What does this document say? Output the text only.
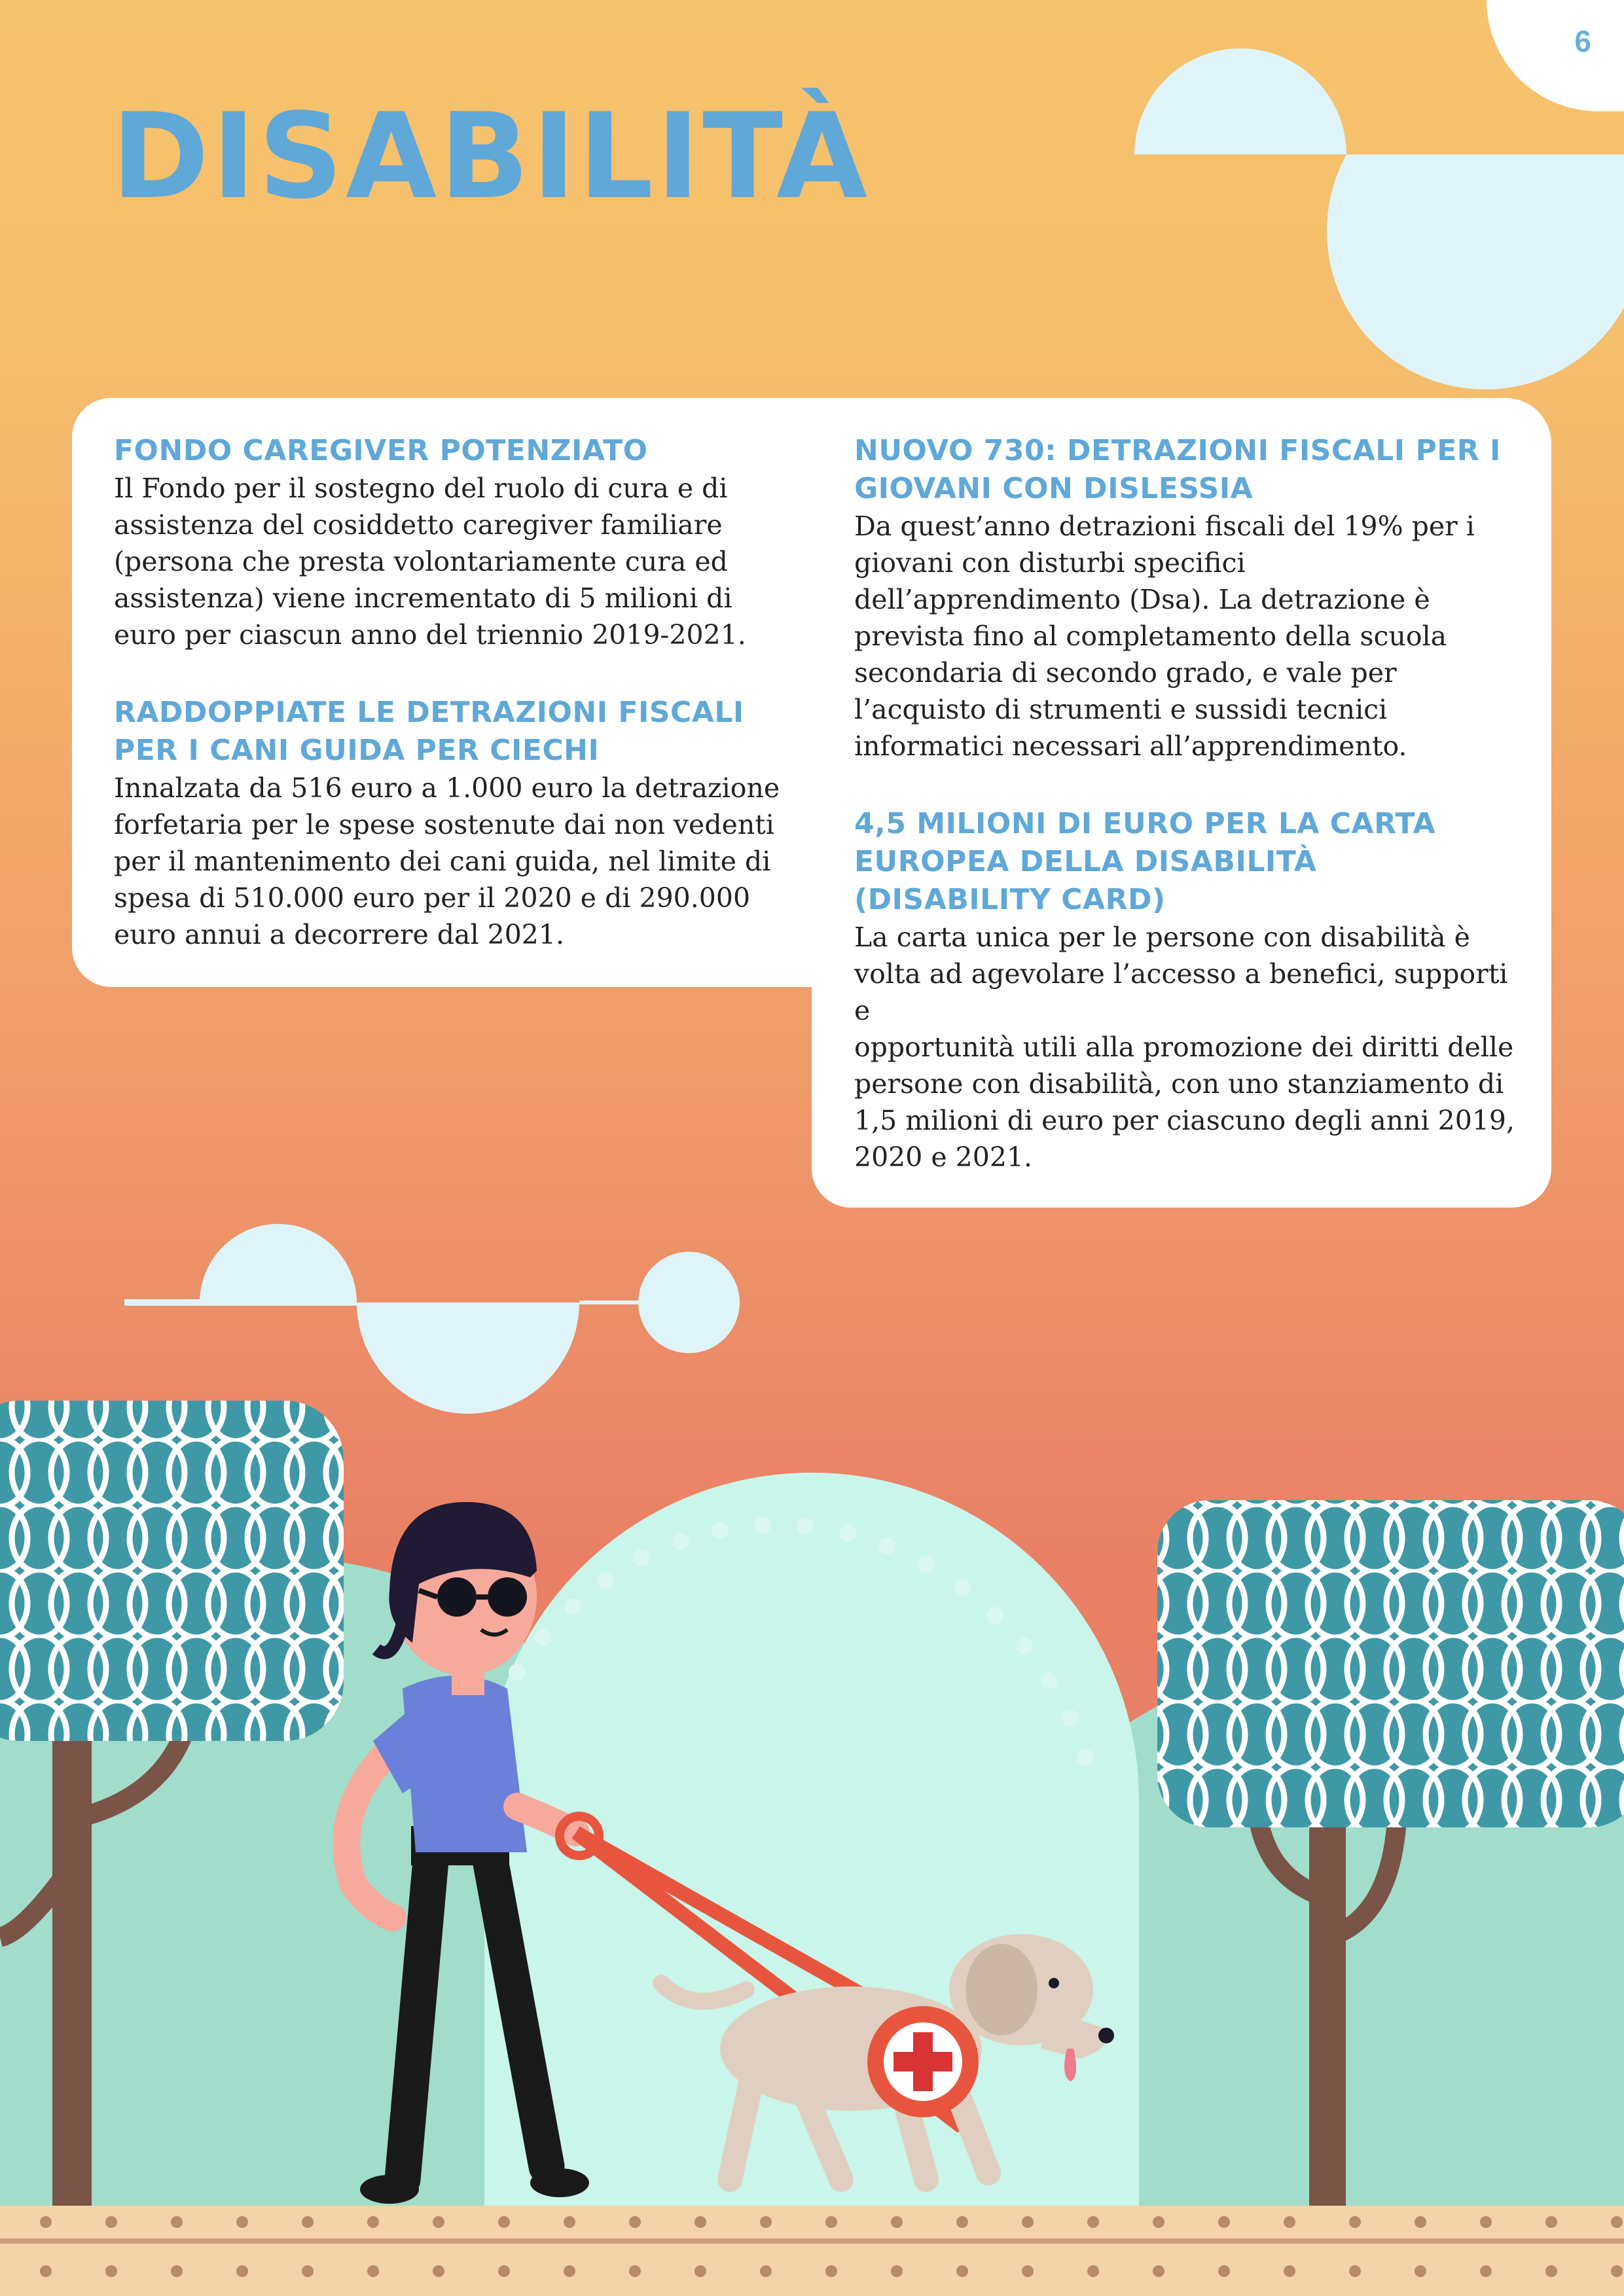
6
DISABILITÀ
FONDO CAREGIVER POTENZIATO

Il Fondo per il sostegno del ruolo di cura e di
assistenza del cosiddetto caregiver familiare
(persona che presta volontariamente cura ed
assistenza) viene incrementato di 5 milioni di
euro per ciascun anno del triennio 2019-2021.

RADDOPPIATE LE DETRAZIONI FISCALI PER I CANI GUIDA PER CIECHI

Innalzata da 516 euro a 1.000 euro la detrazione
forfetaria per le spese sostenute dai non vedenti
per il mantenimento dei cani guida, nel limite di
spesa di 510.000 euro per il 2020 e di 290.000
euro annui a decorrere dal 2021.

NUOVO 730: DETRAZIONI FISCALI PER I GIOVANI CON DISLESSIA

Da quest’anno detrazioni fiscali del 19% per i
giovani con disturbi specifici
dell’apprendimento (Dsa). La detrazione è
prevista fino al completamento della scuola
secondaria di secondo grado, e vale per
l’acquisto di strumenti e sussidi tecnici
informatici necessari all’apprendimento.

4,5 MILIONI DI EURO PER LA CARTA EUROPEA DELLA DISABILITÀ (DISABILITY CARD)

La carta unica per le persone con disabilità è
volta ad agevolare l’accesso a benefici, supporti e
opportunità utili alla promozione dei diritti delle
persone con disabilità, con uno stanziamento di
1,5 milioni di euro per ciascuno degli anni 2019,
2020 e 2021.
